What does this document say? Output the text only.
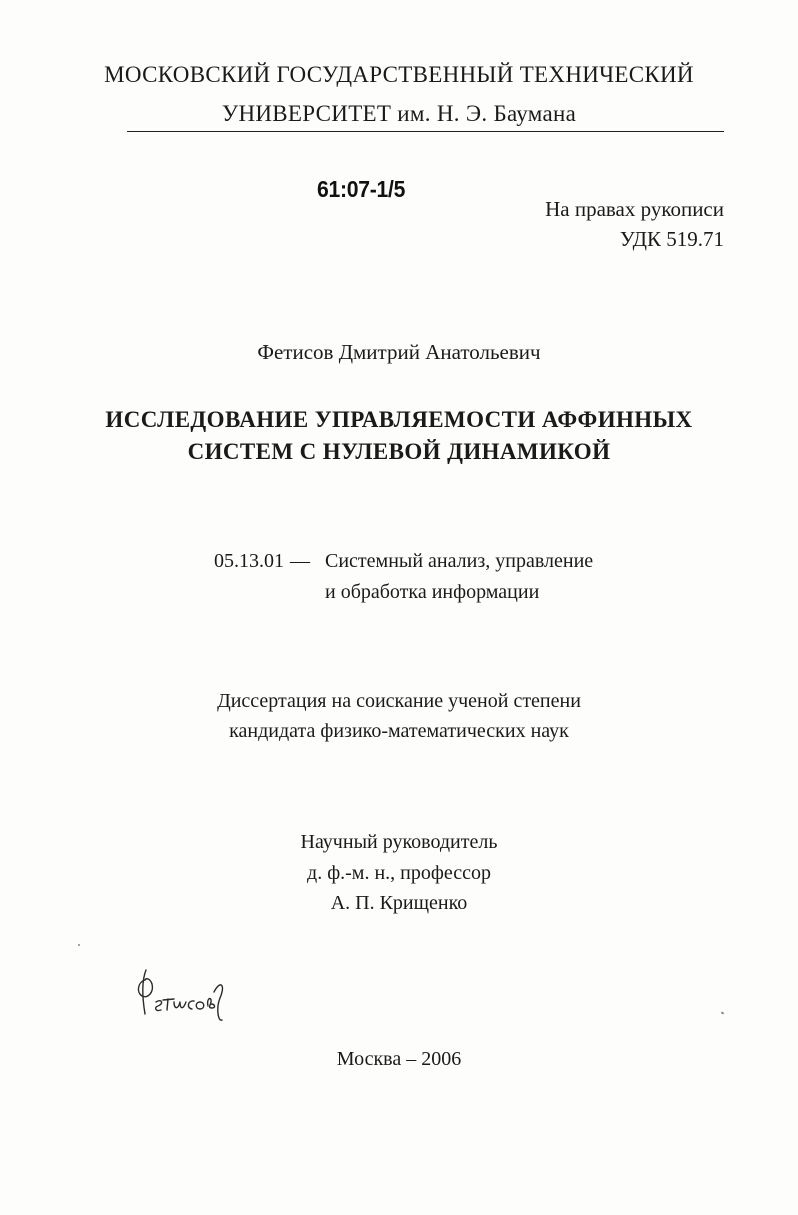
МОСКОВСКИЙ ГОСУДАРСТВЕННЫЙ ТЕХНИЧЕСКИЙ
УНИВЕРСИТЕТ им. Н. Э. Баумана
61:07-1/5
На правах рукописи
УДК 519.71
Фетисов Дмитрий Анатольевич
ИССЛЕДОВАНИЕ УПРАВЛЯЕМОСТИ АФФИННЫХ
СИСТЕМ С НУЛЕВОЙ ДИНАМИКОЙ
05.13.01 — Системный анализ, управление
и обработка информации
Диссертация на соискание ученой степени
кандидата физико-математических наук
Научный руководитель
д. ф.-м. н., профессор
А. П. Крищенко
Москва – 2006
